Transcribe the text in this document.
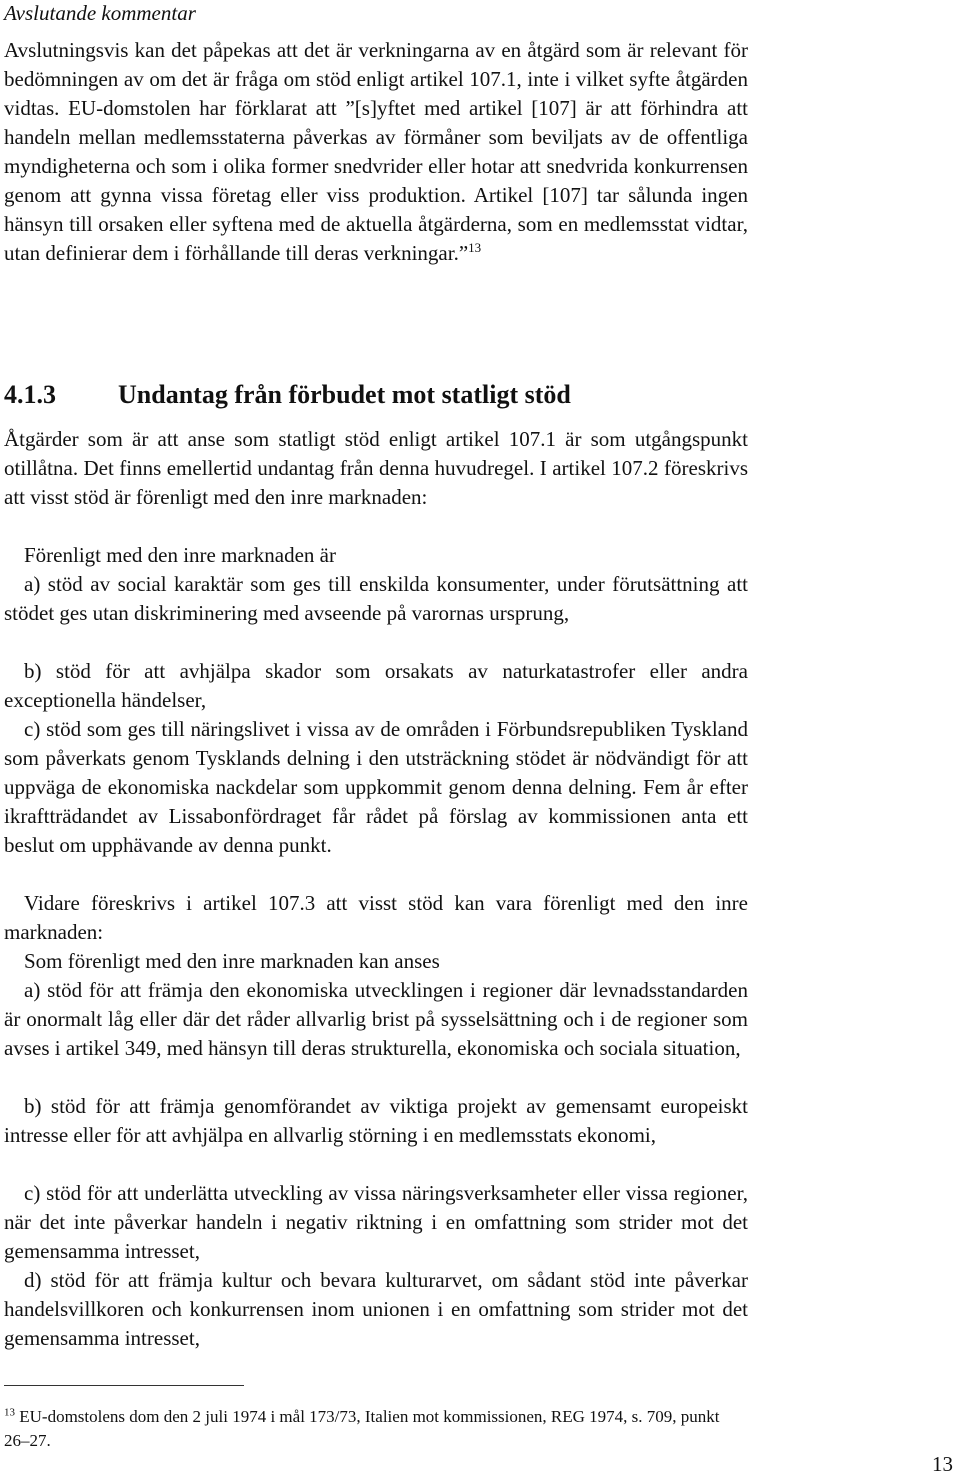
Avslutande kommentar

Avslutningsvis kan det påpekas att det är verkningarna av en åtgärd som är relevant för bedömningen av om det är fråga om stöd enligt artikel 107.1, inte i vilket syfte åtgärden vidtas. EU-domstolen har förklarat att ”[s]yftet med artikel [107] är att förhindra att handeln mellan medlemsstaterna påverkas av förmåner som beviljats av de offentliga myndigheterna och som i olika former snedvrider eller hotar att snedvrida konkurrensen genom att gynna vissa företag eller viss produktion. Artikel [107] tar sålunda ingen hänsyn till orsaken eller syftena med de aktuella åtgärderna, som en medlemsstat vidtar, utan definierar dem i förhållande till deras verkningar.”$^{13}$

4.1.3 Undantag från förbudet mot statligt stöd

Åtgärder som är att anse som statligt stöd enligt artikel 107.1 är som utgångspunkt otillåtna. Det finns emellertid undantag från denna huvudregel. I artikel 107.2 föreskrivs att visst stöd är förenligt med den inre marknaden:

Förenligt med den inre marknaden är

a) stöd av social karaktär som ges till enskilda konsumenter, under förutsättning att stödet ges utan diskriminering med avseende på varornas ursprung,

b) stöd för att avhjälpa skador som orsakats av naturkatastrofer eller andra exceptionella händelser,

c) stöd som ges till näringslivet i vissa av de områden i Förbundsrepubliken Tyskland som påverkats genom Tysklands delning i den utsträckning stödet är nödvändigt för att uppväga de ekonomiska nackdelar som uppkommit genom denna delning. Fem år efter ikraftträdandet av Lissabonfördraget får rådet på förslag av kommissionen anta ett beslut om upphävande av denna punkt.

Vidare föreskrivs i artikel 107.3 att visst stöd kan vara förenligt med den inre marknaden:

Som förenligt med den inre marknaden kan anses

a) stöd för att främja den ekonomiska utvecklingen i regioner där levnadsstandarden är onormalt låg eller där det råder allvarlig brist på sysselsättning och i de regioner som avses i artikel 349, med hänsyn till deras strukturella, ekonomiska och sociala situation,

b) stöd för att främja genomförandet av viktiga projekt av gemensamt europeiskt intresse eller för att avhjälpa en allvarlig störning i en medlemsstats ekonomi,

c) stöd för att underlätta utveckling av vissa näringsverksamheter eller vissa regioner, när det inte påverkar handeln i negativ riktning i en omfattning som strider mot det gemensamma intresset,

d) stöd för att främja kultur och bevara kulturarvet, om sådant stöd inte påverkar handelsvillkoren och konkurrensen inom unionen i en omfattning som strider mot det gemensamma intresset,

$^{13}$ EU-domstolens dom den 2 juli 1974 i mål 173/73, Italien mot kommissionen, REG 1974, s. 709, punkt 26–27.

13
